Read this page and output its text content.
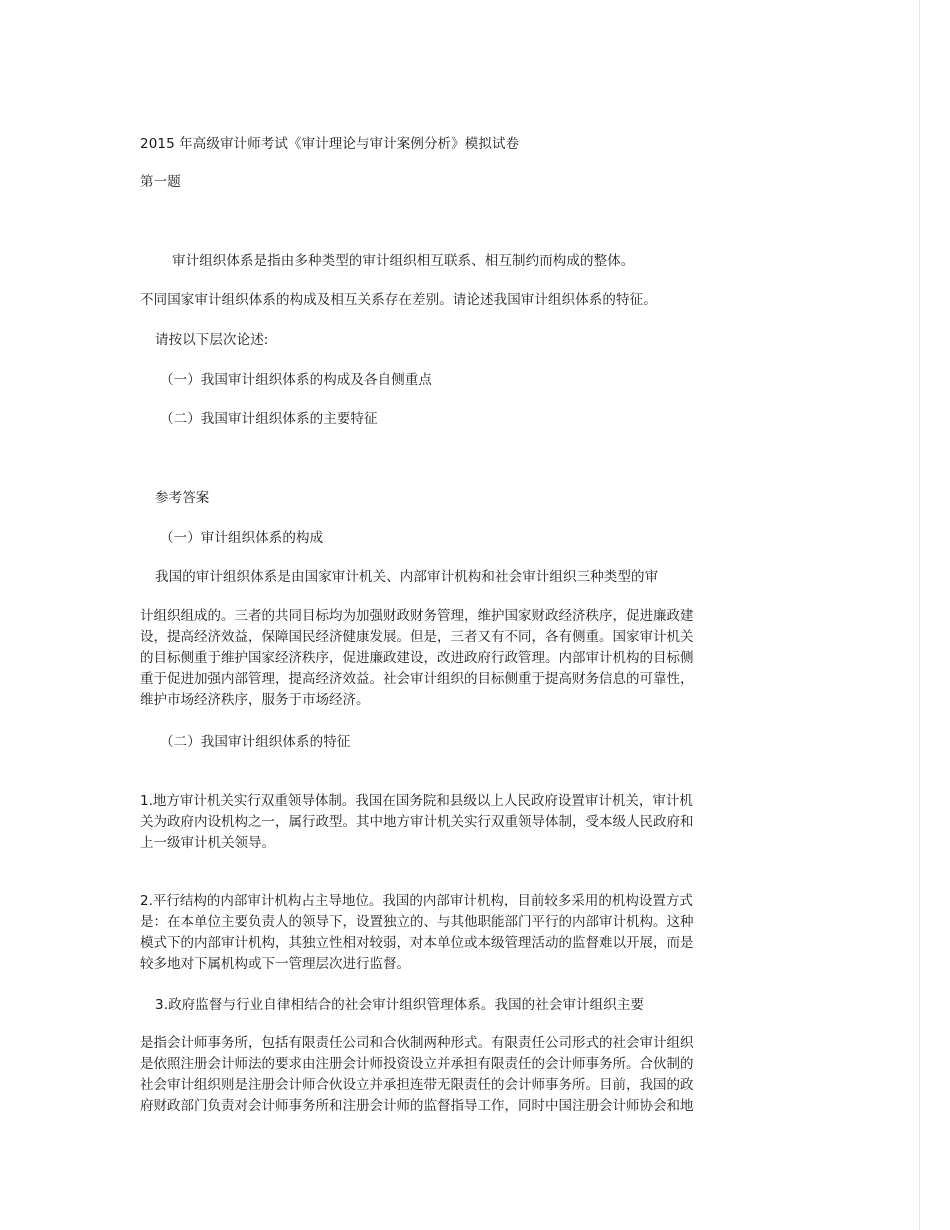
2015 年高级审计师考试《审计理论与审计案例分析》模拟试卷
第一题
审计组织体系是指由多种类型的审计组织相互联系、相互制约而构成的整体。
不同国家审计组织体系的构成及相互关系存在差别。请论述我国审计组织体系的特征。
请按以下层次论述:
（一）我国审计组织体系的构成及各自侧重点
（二）我国审计组织体系的主要特征
参考答案
（一）审计组织体系的构成
我国的审计组织体系是由国家审计机关、内部审计机构和社会审计组织三种类型的审
计组织组成的。三者的共同目标均为加强财政财务管理，维护国家财政经济秩序，促进廉政建
设，提高经济效益，保障国民经济健康发展。但是，三者又有不同，各有侧重。国家审计机关
的目标侧重于维护国家经济秩序，促进廉政建设，改进政府行政管理。内部审计机构的目标侧
重于促进加强内部管理，提高经济效益。社会审计组织的目标侧重于提高财务信息的可靠性，
维护市场经济秩序，服务于市场经济。
（二）我国审计组织体系的特征
1.地方审计机关实行双重领导体制。我国在国务院和县级以上人民政府设置审计机关，审计机
关为政府内设机构之一，属行政型。其中地方审计机关实行双重领导体制，受本级人民政府和
上一级审计机关领导。
2.平行结构的内部审计机构占主导地位。我国的内部审计机构，目前较多采用的机构设置方式
是：在本单位主要负责人的领导下，设置独立的、与其他职能部门平行的内部审计机构。这种
模式下的内部审计机构，其独立性相对较弱，对本单位或本级管理活动的监督难以开展，而是
较多地对下属机构或下一管理层次进行监督。
3.政府监督与行业自律相结合的社会审计组织管理体系。我国的社会审计组织主要
是指会计师事务所，包括有限责任公司和合伙制两种形式。有限责任公司形式的社会审计组织
是依照注册会计师法的要求由注册会计师投资设立并承担有限责任的会计师事务所。合伙制的
社会审计组织则是注册会计师合伙设立并承担连带无限责任的会计师事务所。目前，我国的政
府财政部门负责对会计师事务所和注册会计师的监督指导工作，同时中国注册会计师协会和地
